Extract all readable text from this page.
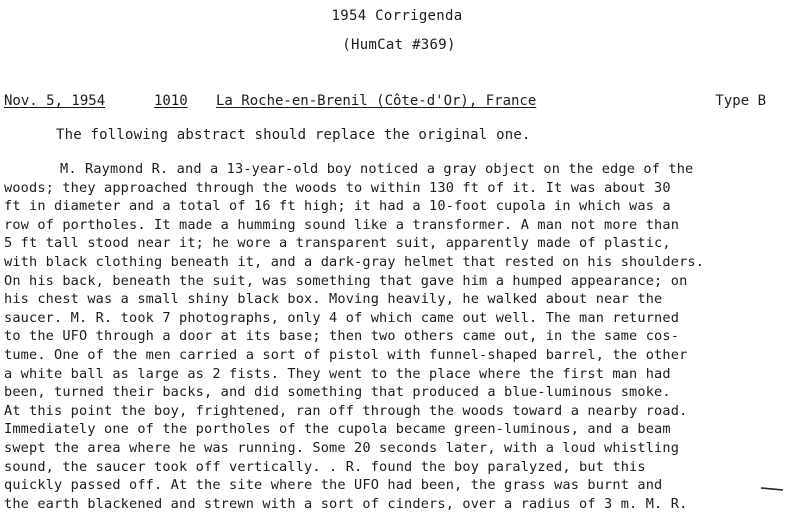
1954 Corrigenda
(HumCat #369)
Nov. 5, 1954	1010 La Roche-en-Brenil (Côte-d'Or), France	Type B
The following abstract should replace the original one.
M. Raymond R. and a 13-year-old boy noticed a gray object on the edge of the
woods; they approached through the woods to within 130 ft of it. It was about 30
ft in diameter and a total of 16 ft high; it had a 10-foot cupola in which was a
row of portholes. It made a humming sound like a transformer. A man not more than
5 ft tall stood near it; he wore a transparent suit, apparently made of plastic,
with black clothing beneath it, and a dark-gray helmet that rested on his shoulders.
On his back, beneath the suit, was something that gave him a humped appearance; on
his chest was a small shiny black box. Moving heavily, he walked about near the
saucer. M. R. took 7 photographs, only 4 of which came out well. The man returned
to the UFO through a door at its base; then two others came out, in the same cos-
tume. One of the men carried a sort of pistol with funnel-shaped barrel, the other
a white ball as large as 2 fists. They went to the place where the first man had
been, turned their backs, and did something that produced a blue-luminous smoke.
At this point the boy, frightened, ran off through the woods toward a nearby road.
Immediately one of the portholes of the cupola became green-luminous, and a beam
swept the area where he was running. Some 20 seconds later, with a loud whistling
sound, the saucer took off vertically. . R. found the boy paralyzed, but this
quickly passed off. At the site where the UFO had been, the grass was burnt and
the earth blackened and strewn with a sort of cinders, over a radius of 3 m. M. R.
